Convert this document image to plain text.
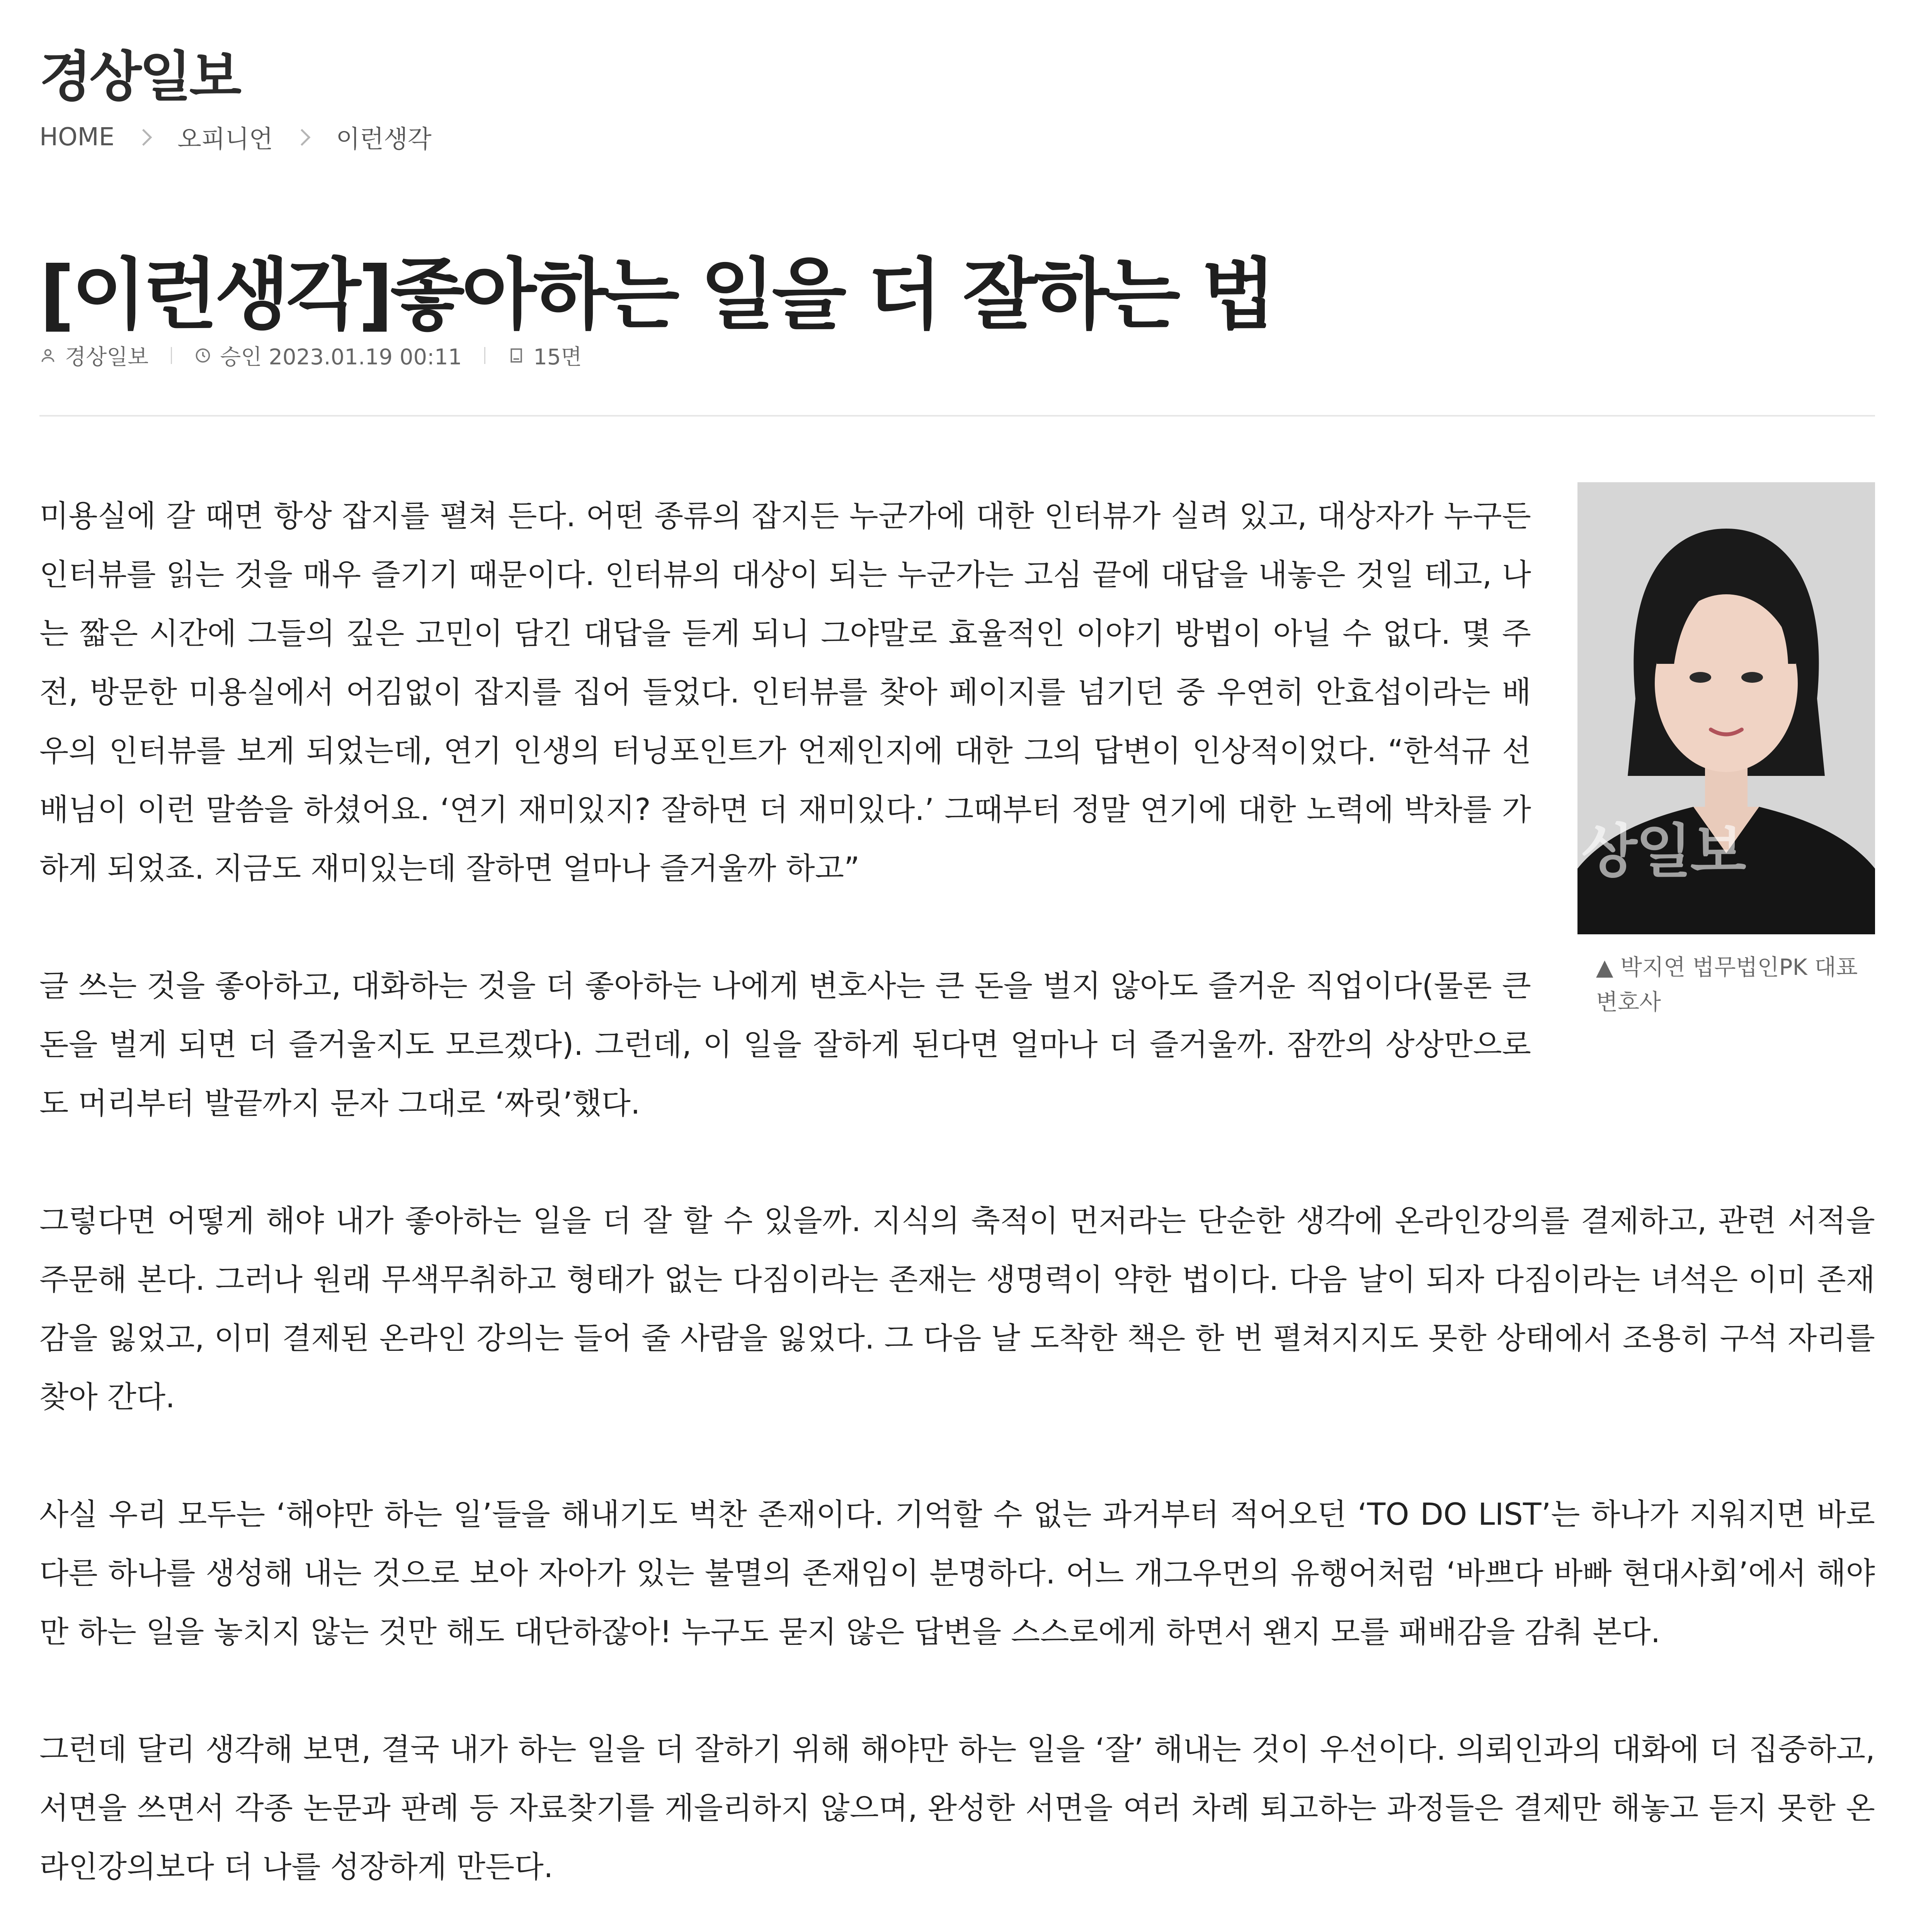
경상일보
HOME	오피니언	이런생각
[이런생각]좋아하는 일을 더 잘하는 법
경상일보	승인 2023.01.19 00:11	15면
상일보
▲ 박지연 법무법인PK 대표 변호사

미용실에 갈 때면 항상 잡지를 펼쳐 든다. 어떤 종류의 잡지든 누군가에 대한 인터뷰가 실려 있고, 대상자가 누구든 인터뷰를 읽는 것을 매우 즐기기 때문이다. 인터뷰의 대상이 되는 누군가는 고심 끝에 대답을 내놓은 것일 테고, 나는 짧은 시간에 그들의 깊은 고민이 담긴 대답을 듣게 되니 그야말로 효율적인 이야기 방법이 아닐 수 없다. 몇 주 전, 방문한 미용실에서 어김없이 잡지를 집어 들었다. 인터뷰를 찾아 페이지를 넘기던 중 우연히 안효섭이라는 배우의 인터뷰를 보게 되었는데, 연기 인생의 터닝포인트가 언제인지에 대한 그의 답변이 인상적이었다. “한석규 선배님이 이런 말씀을 하셨어요. ‘연기 재미있지? 잘하면 더 재미있다.’ 그때부터 정말 연기에 대한 노력에 박차를 가하게 되었죠. 지금도 재미있는데 잘하면 얼마나 즐거울까 하고”

글 쓰는 것을 좋아하고, 대화하는 것을 더 좋아하는 나에게 변호사는 큰 돈을 벌지 않아도 즐거운 직업이다(물론 큰 돈을 벌게 되면 더 즐거울지도 모르겠다). 그런데, 이 일을 잘하게 된다면 얼마나 더 즐거울까. 잠깐의 상상만으로도 머리부터 발끝까지 문자 그대로 ‘짜릿’했다.

그렇다면 어떻게 해야 내가 좋아하는 일을 더 잘 할 수 있을까. 지식의 축적이 먼저라는 단순한 생각에 온라인강의를 결제하고, 관련 서적을 주문해 본다. 그러나 원래 무색무취하고 형태가 없는 다짐이라는 존재는 생명력이 약한 법이다. 다음 날이 되자 다짐이라는 녀석은 이미 존재감을 잃었고, 이미 결제된 온라인 강의는 들어 줄 사람을 잃었다. 그 다음 날 도착한 책은 한 번 펼쳐지지도 못한 상태에서 조용히 구석 자리를 찾아 간다.

사실 우리 모두는 ‘해야만 하는 일’들을 해내기도 벅찬 존재이다. 기억할 수 없는 과거부터 적어오던 ‘TO DO LIST’는 하나가 지워지면 바로 다른 하나를 생성해 내는 것으로 보아 자아가 있는 불멸의 존재임이 분명하다. 어느 개그우먼의 유행어처럼 ‘바쁘다 바빠 현대사회’에서 해야만 하는 일을 놓치지 않는 것만 해도 대단하잖아! 누구도 묻지 않은 답변을 스스로에게 하면서 왠지 모를 패배감을 감춰 본다.

그런데 달리 생각해 보면, 결국 내가 하는 일을 더 잘하기 위해 해야만 하는 일을 ‘잘’ 해내는 것이 우선이다. 의뢰인과의 대화에 더 집중하고, 서면을 쓰면서 각종 논문과 판례 등 자료찾기를 게을리하지 않으며, 완성한 서면을 여러 차례 퇴고하는 과정들은 결제만 해놓고 듣지 못한 온라인강의보다 더 나를 성장하게 만든다.
